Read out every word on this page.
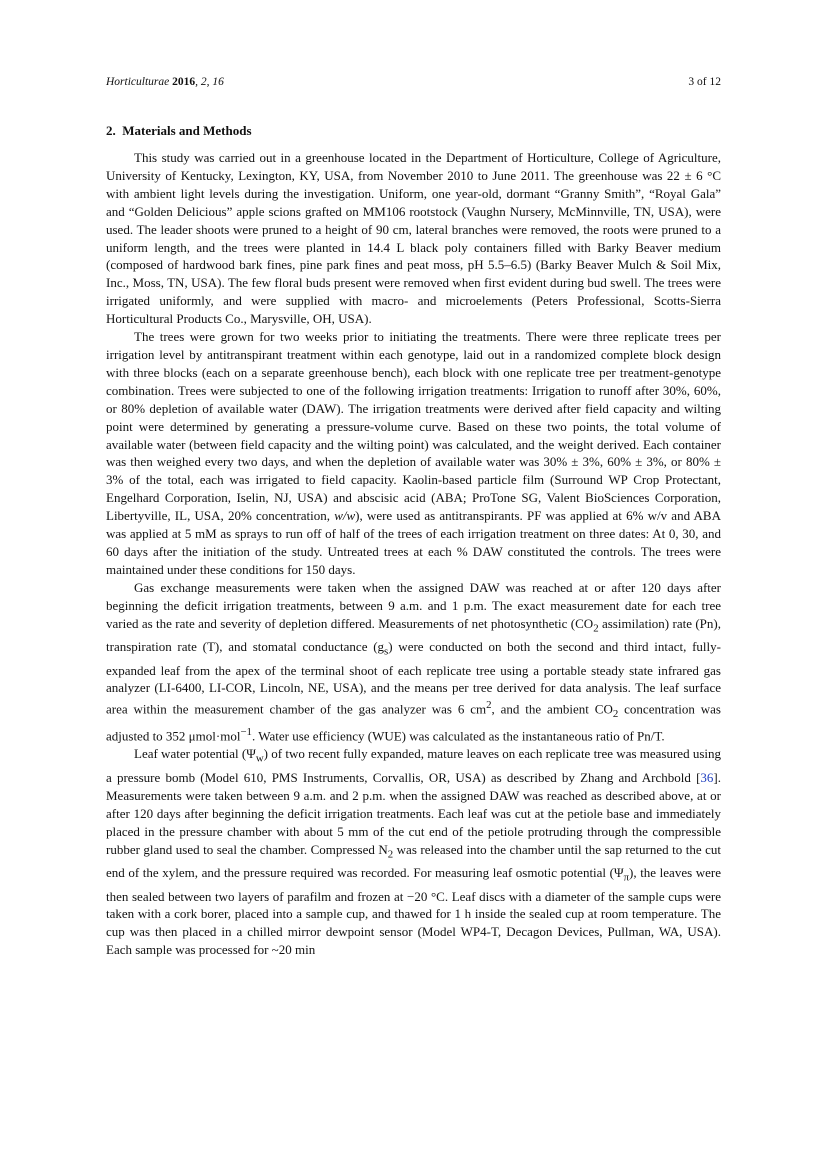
Horticulturae 2016, 2, 16	3 of 12
2. Materials and Methods

This study was carried out in a greenhouse located in the Department of Horticulture, College of Agriculture, University of Kentucky, Lexington, KY, USA, from November 2010 to June 2011. The greenhouse was 22 ± 6 °C with ambient light levels during the investigation. Uniform, one year-old, dormant “Granny Smith”, “Royal Gala” and “Golden Delicious” apple scions grafted on MM106 rootstock (Vaughn Nursery, McMinnville, TN, USA), were used. The leader shoots were pruned to a height of 90 cm, lateral branches were removed, the roots were pruned to a uniform length, and the trees were planted in 14.4 L black poly containers filled with Barky Beaver medium (composed of hardwood bark fines, pine park fines and peat moss, pH 5.5–6.5) (Barky Beaver Mulch & Soil Mix, Inc., Moss, TN, USA). The few floral buds present were removed when first evident during bud swell. The trees were irrigated uniformly, and were supplied with macro- and microelements (Peters Professional, Scotts-Sierra Horticultural Products Co., Marysville, OH, USA).

The trees were grown for two weeks prior to initiating the treatments. There were three replicate trees per irrigation level by antitranspirant treatment within each genotype, laid out in a randomized complete block design with three blocks (each on a separate greenhouse bench), each block with one replicate tree per treatment-genotype combination. Trees were subjected to one of the following irrigation treatments: Irrigation to runoff after 30%, 60%, or 80% depletion of available water (DAW). The irrigation treatments were derived after field capacity and wilting point were determined by generating a pressure-volume curve. Based on these two points, the total volume of available water (between field capacity and the wilting point) was calculated, and the weight derived. Each container was then weighed every two days, and when the depletion of available water was 30% ± 3%, 60% ± 3%, or 80% ± 3% of the total, each was irrigated to field capacity. Kaolin-based particle film (Surround WP Crop Protectant, Engelhard Corporation, Iselin, NJ, USA) and abscisic acid (ABA; ProTone SG, Valent BioSciences Corporation, Libertyville, IL, USA, 20% concentration, w/w), were used as antitranspirants. PF was applied at 6% w/v and ABA was applied at 5 mM as sprays to run off of half of the trees of each irrigation treatment on three dates: At 0, 30, and 60 days after the initiation of the study. Untreated trees at each % DAW constituted the controls. The trees were maintained under these conditions for 150 days.

Gas exchange measurements were taken when the assigned DAW was reached at or after 120 days after beginning the deficit irrigation treatments, between 9 a.m. and 1 p.m. The exact measurement date for each tree varied as the rate and severity of depletion differed. Measurements of net photosynthetic ($CO_2$ assimilation) rate (Pn), transpiration rate (T), and stomatal conductance $(g_s)$ were conducted on both the second and third intact, fully-expanded leaf from the apex of the terminal shoot of each replicate tree using a portable steady state infrared gas analyzer (LI-6400, LI-COR, Lincoln, NE, USA), and the means per tree derived for data analysis. The leaf surface area within the measurement chamber of the gas analyzer was 6 $cm^2$, and the ambient $CO_2$ concentration was adjusted to 352 μmol·mol$^{-1}$. Water use efficiency (WUE) was calculated as the instantaneous ratio of Pn/T.

Leaf water potential $(\Psi_w)$ of two recent fully expanded, mature leaves on each replicate tree was measured using a pressure bomb (Model 610, PMS Instruments, Corvallis, OR, USA) as described by Zhang and Archbold [36]. Measurements were taken between 9 a.m. and 2 p.m. when the assigned DAW was reached as described above, at or after 120 days after beginning the deficit irrigation treatments. Each leaf was cut at the petiole base and immediately placed in the pressure chamber with about 5 mm of the cut end of the petiole protruding through the compressible rubber gland used to seal the chamber. Compressed $N_2$ was released into the chamber until the sap returned to the cut end of the xylem, and the pressure required was recorded. For measuring leaf osmotic potential $(\Psi_\pi)$, the leaves were then sealed between two layers of parafilm and frozen at −20 °C. Leaf discs with a diameter of the sample cups were taken with a cork borer, placed into a sample cup, and thawed for 1 h inside the sealed cup at room temperature. The cup was then placed in a chilled mirror dewpoint sensor (Model WP4-T, Decagon Devices, Pullman, WA, USA). Each sample was processed for ~20 min
